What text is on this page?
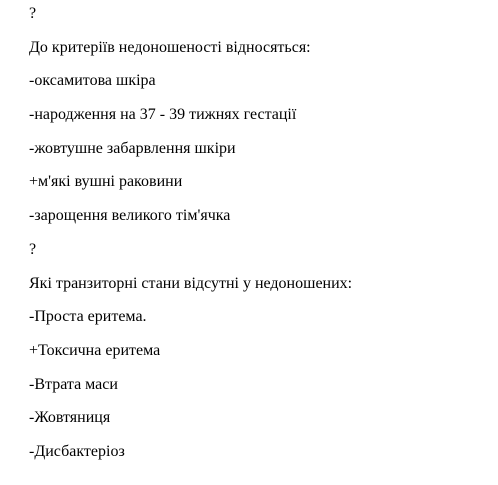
?
До критеріїв недоношеності відносяться:
-оксамитова шкіра
-народження на 37 - 39 тижнях гестації
-жовтушне забарвлення шкіри
+м'які вушні раковини
-зарощення великого тім'ячка
?
Які транзиторні стани відсутні у недоношених:
-Проста еритема.
+Токсична еритема
-Втрата маси
-Жовтяниця
-Дисбактеріоз
